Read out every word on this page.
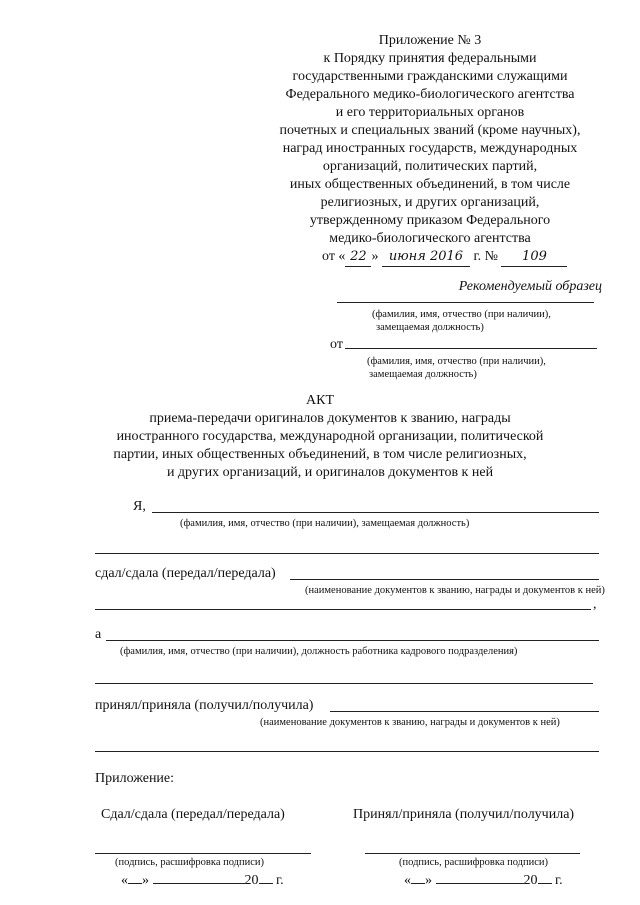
Приложение № 3
к Порядку принятия федеральными
государственными гражданскими служащими
Федерального медико-биологического агентства
и его территориальных органов
почетных и специальных званий (кроме научных),
наград иностранных государств, международных
организаций, политических партий,
иных общественных объединений, в том числе
религиозных, и других организаций,
утвержденному приказом Федерального
медико-биологического агентства
от « 22 » июня 2016 г. № 109
Рекомендуемый образец
(фамилия, имя, отчество (при наличии),
замещаемая должность)
от
(фамилия, имя, отчество (при наличии),
замещаемая должность)
АКТ
приема-передачи оригиналов документов к званию, награды
иностранного государства, международной организации, политической
партии, иных общественных объединений, в том числе религиозных,
и других организаций, и оригиналов документов к ней
Я,
(фамилия, имя, отчество (при наличии), замещаемая должность)
сдал/сдала (передал/передала)
(наименование документов к званию, награды и документов к ней)
,
а
(фамилия, имя, отчество (при наличии), должность работника кадрового подразделения)
принял/приняла (получил/получила)
(наименование документов к званию, награды и документов к ней)
Приложение:
Сдал/сдала (передал/передала)	Принял/приняла (получил/получила)
(подпись, расшифровка подписи)	(подпись, расшифровка подписи)
« »	20 г.	« »	20 г.
